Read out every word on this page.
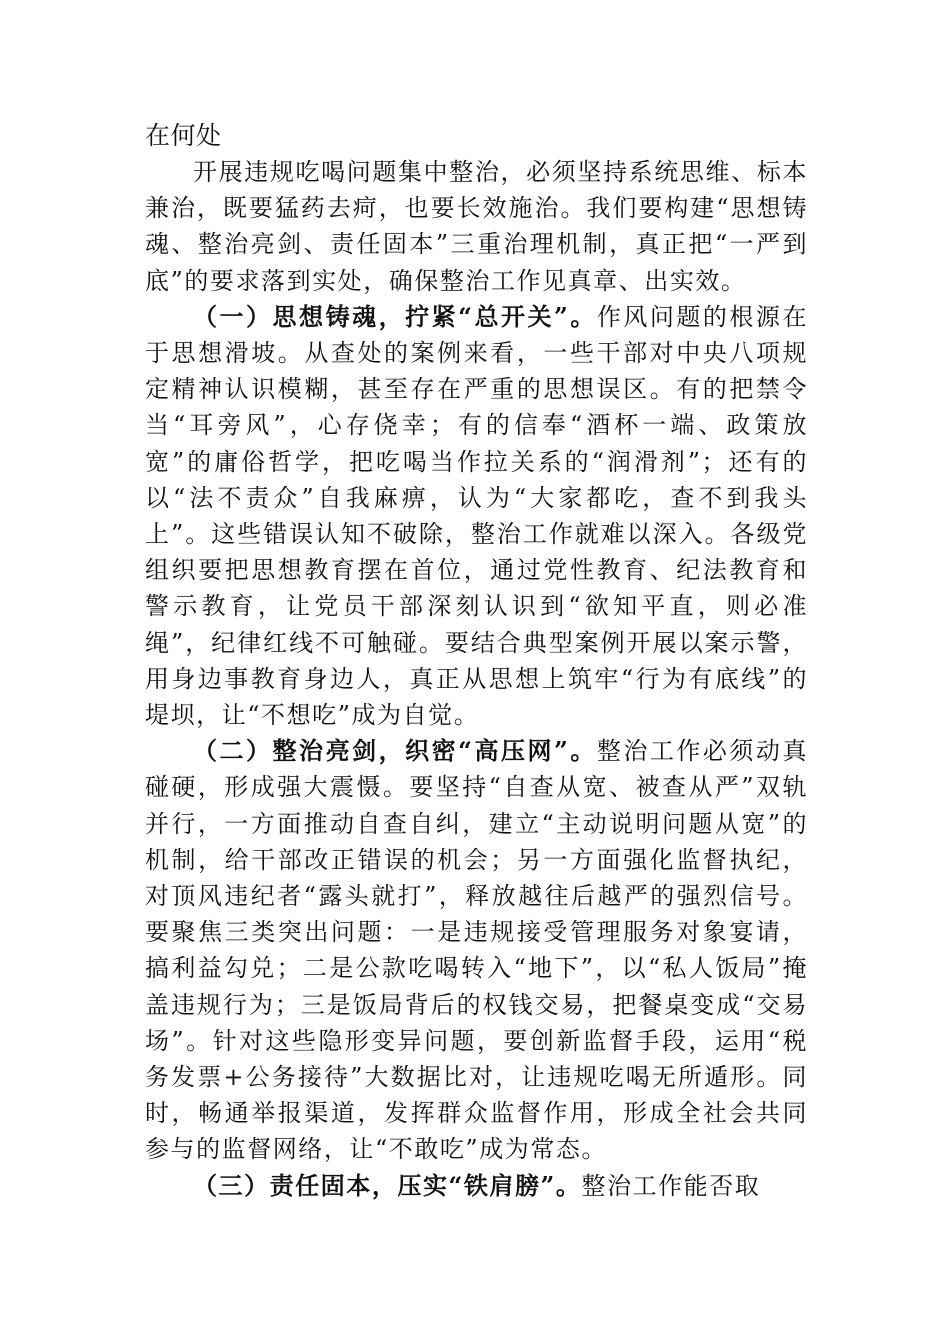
在何处

开展违规吃喝问题集中整治，必须坚持系统思维、标本兼治，既要猛药去疴，也要长效施治。我们要构建“思想铸魂、整治亮剑、责任固本”三重治理机制，真正把“一严到底”的要求落到实处，确保整治工作见真章、出实效。

（一）思想铸魂，拧紧“总开关”。作风问题的根源在于思想滑坡。从查处的案例来看，一些干部对中央八项规定精神认识模糊，甚至存在严重的思想误区。有的把禁令当“耳旁风”，心存侥幸；有的信奉“酒杯一端、政策放宽”的庸俗哲学，把吃喝当作拉关系的“润滑剂”；还有的以“法不责众”自我麻痹，认为“大家都吃，查不到我头上”。这些错误认知不破除，整治工作就难以深入。各级党组织要把思想教育摆在首位，通过党性教育、纪法教育和警示教育，让党员干部深刻认识到“欲知平直，则必准绳”，纪律红线不可触碰。要结合典型案例开展以案示警，用身边事教育身边人，真正从思想上筑牢“行为有底线”的堤坝，让“不想吃”成为自觉。

（二）整治亮剑，织密“高压网”。整治工作必须动真碰硬，形成强大震慑。要坚持“自查从宽、被查从严”双轨并行，一方面推动自查自纠，建立“主动说明问题从宽”的机制，给干部改正错误的机会；另一方面强化监督执纪，对顶风违纪者“露头就打”，释放越往后越严的强烈信号。要聚焦三类突出问题：一是违规接受管理服务对象宴请，搞利益勾兑；二是公款吃喝转入“地下”，以“私人饭局”掩盖违规行为；三是饭局背后的权钱交易，把餐桌变成“交易场”。针对这些隐形变异问题，要创新监督手段，运用“税务发票+公务接待”大数据比对，让违规吃喝无所遁形。同时，畅通举报渠道，发挥群众监督作用，形成全社会共同参与的监督网络，让“不敢吃”成为常态。

（三）责任固本，压实“铁肩膀”。整治工作能否取
